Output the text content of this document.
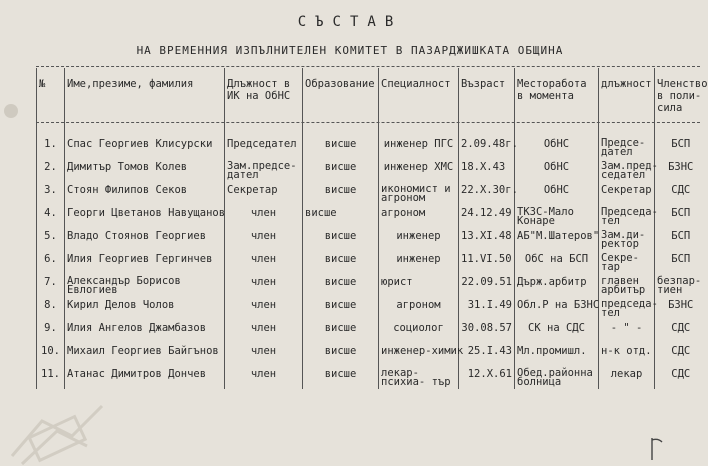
СЪСТАВ
НА ВРЕМЕННИЯ ИЗПЪЛНИТЕЛЕН КОМИТЕТ В ПАЗАРДЖИШКАТА ОБЩИНА
№	Име,презиме, фамилия	Длъжност в ИК на ОбНС	Образование	Специалност	Възраст	Месторабота в момента	длъжност	Членство в поли- сила
1.	Спас Георгиев Клисурски	Председател	висше	инженер ПГС	2.09.48г.	ОбНС	Предсе- дател	БСП
2.	Димитър Томов Колев	Зам.предсе- дател	висше	инженер ХМС	18.X.43	ОбНС	Зам.пред- седател	БЗНС
3.	Стоян Филипов Секов	Секретар	висше	икономист и агроном	22.X.30г.	ОбНС	Секретар	СДС
4.	Георги Цветанов Навущанов	член	висше	агроном	24.12.49	ТКЗС-Мало Конаре	Председа- тел	БСП
5.	Владо Стоянов Георгиев	член	висше	инженер	13.XI.48	АБ"М.Шатеров"	Зам.ди- ректор	БСП
6.	Илия Георгиев Гергинчев	член	висше	инженер	11.VI.50	ОбС на БСП	Секре- тар	БСП
7.	Александър Борисов Евлогиев	член	висше	юрист	22.09.51	Държ.арбитр	главен арбитър	безпар- тиен
8.	Кирил Делов Чолов	член	висше	агроном	31.I.49	Обл.Р на БЗНС	председа- тел	БЗНС
9.	Илия Ангелов Джамбазов	член	висше	социолог	30.08.57	СК на СДС	- " -	СДС
10.	Михаил Георгиев Байгънов	член	висше	инженер-химик	25.I.43	Мл.промишл.	н-к отд.	СДС
11.	Атанас Димитров Дончев	член	висше	лекар-психиа- тър	12.X.61	Обед.районна болница	лекар	СДС
